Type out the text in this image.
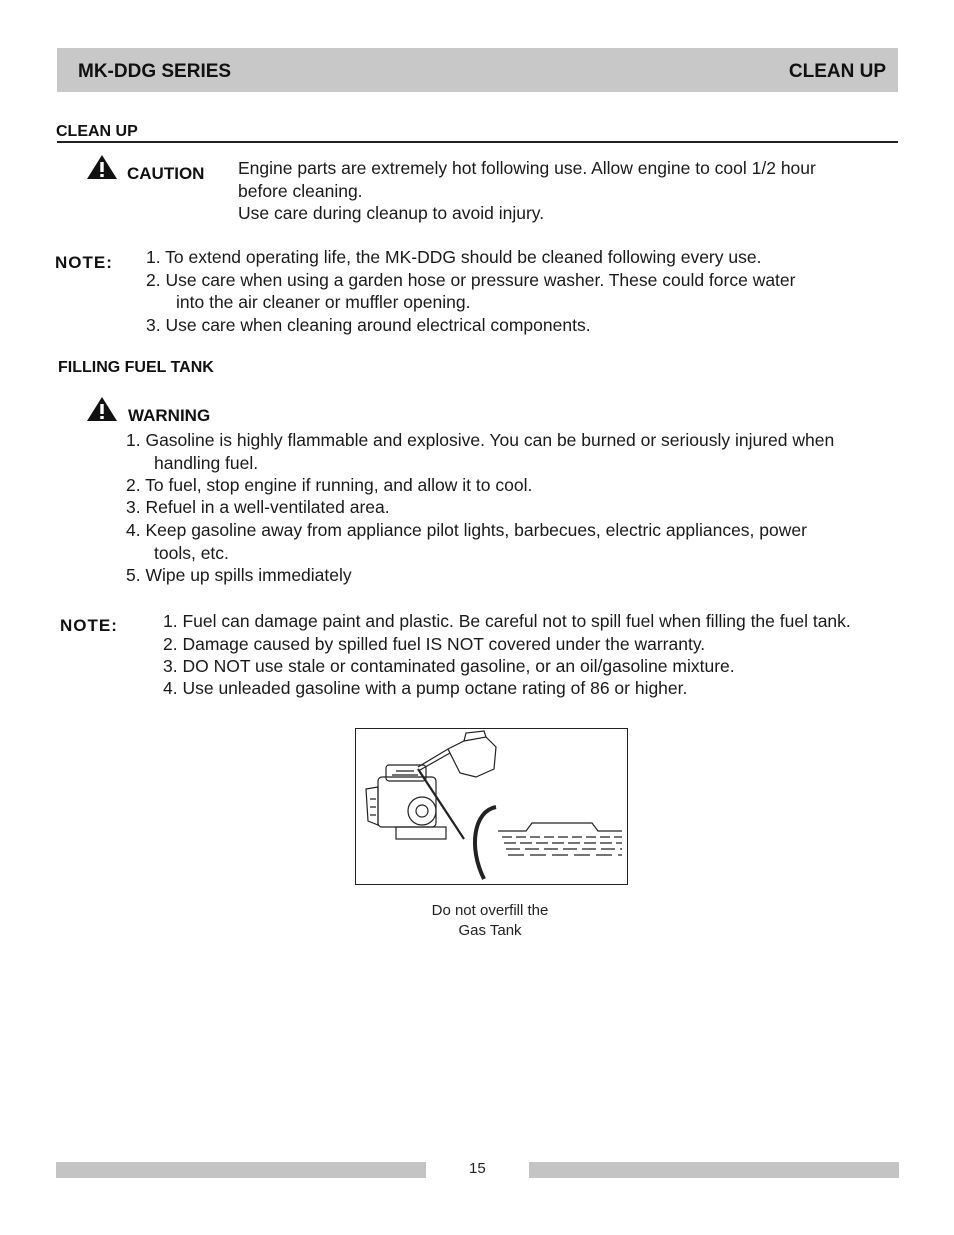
MK-DDG SERIES	CLEAN UP
CLEAN UP
CAUTION Engine parts are extremely hot following use. Allow engine to cool 1/2 hour
before cleaning.
Use care during cleanup to avoid injury.
NOTE: 1. To extend operating life, the MK-DDG should be cleaned following every use.
2. Use care when using a garden hose or pressure washer. These could force water
into the air cleaner or muffler opening.
3. Use care when cleaning around electrical components.
FILLING FUEL TANK
WARNING
1. Gasoline is highly flammable and explosive. You can be burned or seriously injured when
handling fuel.
2. To fuel, stop engine if running, and allow it to cool.
3. Refuel in a well-ventilated area.
4. Keep gasoline away from appliance pilot lights, barbecues, electric appliances, power
tools, etc.
5. Wipe up spills immediately
NOTE:	1. Fuel can damage paint and plastic. Be careful not to spill fuel when filling the fuel tank.
2. Damage caused by spilled fuel IS NOT covered under the warranty.
3. DO NOT use stale or contaminated gasoline, or an oil/gasoline mixture.
4. Use unleaded gasoline with a pump octane rating of 86 or higher.
Do not overfill the
Gas Tank
15
